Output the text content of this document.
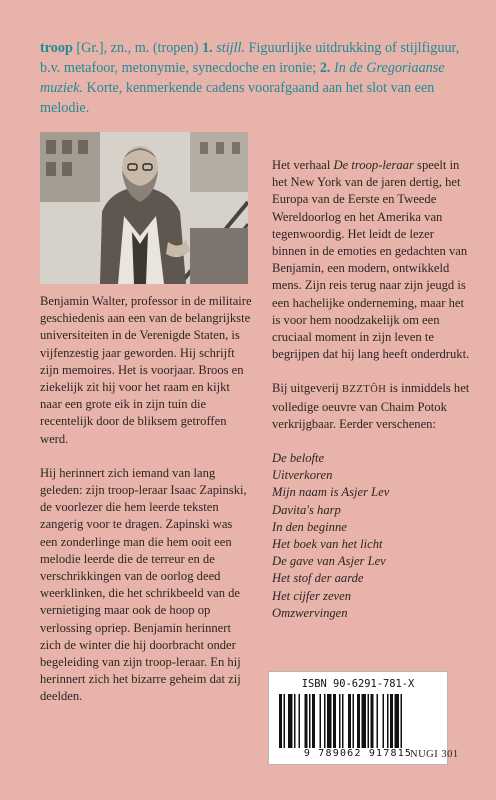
troop [Gr.], zn., m. (tropen) 1. stijll. Figuurlijke uitdrukking of stijlfiguur, b.v. metafoor, metonymie, synecdoche en ironie; 2. In de Gregoriaanse muziek. Korte, kenmerkende cadens voorafgaand aan het slot van een melodie.

Benjamin Walter, professor in de militaire geschiedenis aan een van de belangrijkste universiteiten in de Verenigde Staten, is vijfenzestig jaar geworden. Hij schrijft zijn memoires. Het is voorjaar. Broos en ziekelijk zit hij voor het raam en kijkt naar een grote eik in zijn tuin die recentelijk door de bliksem getroffen werd.

Hij herinnert zich iemand van lang geleden: zijn troop-leraar Isaac Zapinski, de voorlezer die hem leerde teksten zangerig voor te dragen. Zapinski was een zonderlinge man die hem ooit een melodie leerde die de terreur en de verschrikkingen van de oorlog deed weerklinken, die het schrikbeeld van de vernietiging maar ook de hoop op verlossing opriep. Benjamin herinnert zich de winter die hij doorbracht onder begeleiding van zijn troop-leraar. En hij herinnert zich het bizarre geheim dat zij deelden.

Het verhaal De troop-leraar speelt in het New York van de jaren dertig, het Europa van de Eerste en Tweede Wereldoorlog en het Amerika van tegenwoordig. Het leidt de lezer binnen in de emoties en gedachten van Benjamin, een modern, ontwikkeld mens. Zijn reis terug naar zijn jeugd is een hachelijke onderneming, maar het is voor hem noodzakelijk om een cruciaal moment in zijn leven te begrijpen dat hij lang heeft onderdrukt.

Bij uitgeverij BZZTÔH is inmiddels het volledige oeuvre van Chaim Potok verkrijgbaar. Eerder verschenen:

De belofte
Uitverkoren
Mijn naam is Asjer Lev
Davita's harp
In den beginne
Het boek van het licht
De gave van Asjer Lev
Het stof der aarde
Het cijfer zeven
Omzwervingen
ISBN 90-6291-781-X
9 789062 917815
NUGI 301
